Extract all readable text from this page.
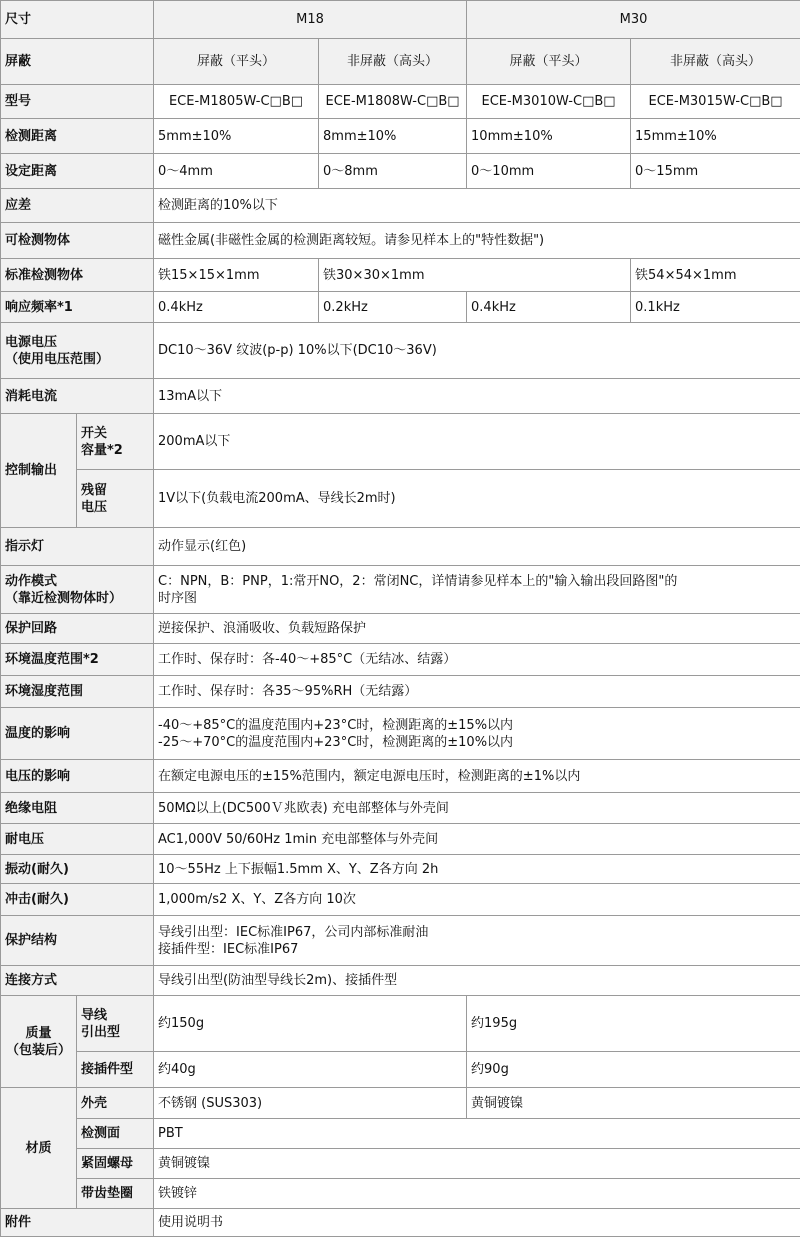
尺寸		M18		M30	
屏蔽		屏蔽（平头）	非屏蔽（高头）	屏蔽（平头）	非屏蔽（高头）
型号		ECE-M1805W-C□B□	ECE-M1808W-C□B□	ECE-M3010W-C□B□	ECE-M3015W-C□B□
检测距离		5mm±10%	8mm±10%	10mm±10%	15mm±10%
设定距离		0～4mm	0～8mm	0～10mm	0～15mm
应差		检测距离的10%以下			
可检测物体		磁性金属(非磁性金属的检测距离较短。请参见样本上的"特性数据")			
标准检测物体		铁15×15×1mm	铁30×30×1mm		铁54×54×1mm
响应频率*1		0.4kHz	0.2kHz	0.4kHz	0.1kHz

电源电压
（使用电压范围）		DC10～36V 纹波(p-p) 10%以下(DC10～36V)			
消耗电流		13mA以下			
控制输出	开关
容量*2	200mA以下			

	残留
电压	1V以下(负载电流200mA、导线长2m时)			
指示灯		动作显示(红色)			

动作模式
（靠近检测物体时）		C：NPN，B：PNP，1:常开NO，2：常闭NC，详情请参见样本上的"输入输出段回路图"的
时序图			

保护回路		逆接保护、浪涌吸收、负载短路保护			
环境温度范围*2		工作时、保存时：各-40～+85°C（无结冰、结露）			
环境湿度范围		工作时、保存时：各35～95%RH（无结露）			
温度的影响		-40～+85°C的温度范围内+23°C时，检测距离的±15%以内
-25～+70°C的温度范围内+23°C时，检测距离的±10%以内			

电压的影响		在额定电源电压的±15%范围内，额定电源电压时，检测距离的±1%以内			
绝缘电阻		50MΩ以上(DC500Ｖ兆欧表) 充电部整体与外壳间			
耐电压		AC1,000V 50/60Hz 1min 充电部整体与外壳间			
振动(耐久)		10～55Hz 上下振幅1.5mm X、Y、Z各方向 2h			
冲击(耐久)		1,000m/s2 X、Y、Z各方向 10次			
保护结构		导线引出型：IEC标准IP67，公司内部标准耐油
接插件型：IEC标准IP67			

连接方式		导线引出型(防油型导线长2m)、接插件型			

质量
（包装后）	导线
引出型	约150g		约195g	
	接插件型	约40g		约90g	
材质	外壳	不锈钢 (SUS303)		黄铜镀镍	
	检测面	PBT			
	紧固螺母	黄铜镀镍			
	带齿垫圈	铁镀锌			
附件		使用说明书			
